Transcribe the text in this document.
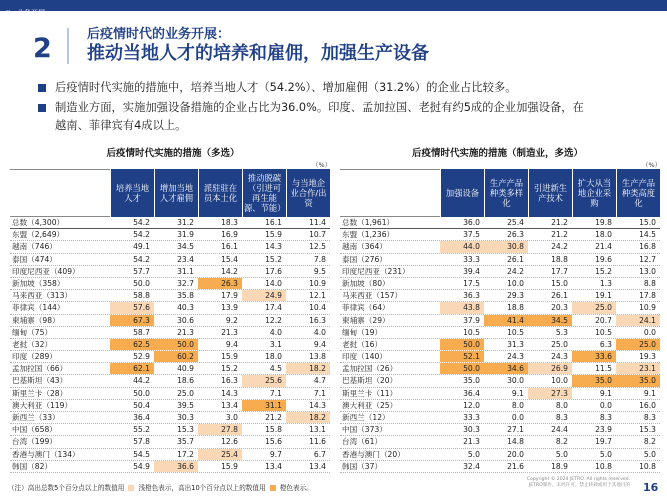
II．业务开展
2	后疫情时代的业务开展：
推动当地人才的培养和雇佣，加强生产设备
后疫情时代实施的措施中，培养当地人才（54.2%）、增加雇佣（31.2%）的企业占比较多。
制造业方面，实施加强设备措施的企业占比为36.0%。印度、孟加拉国、老挝有约5成的企业加强设备，在
越南、菲律宾有4成以上。
后疫情时代实施的措施（多选）
（%）
后疫情时代实施的措施（制造业，多选）
（%）
培养当地人才
增加当地人才雇佣
派驻驻在员本土化
推动脱碳（引进可再生能源、节能）
与当地企业合作/出资
总数（4,300）	54.2	31.2	18.3	16.1	11.4
东盟（2,649）	54.2	31.9	16.9	15.9	10.7
越南（746）	49.1	34.5	16.1	14.3	12.5
泰国（474）	54.2	23.4	15.4	15.2	7.8
印度尼西亚（409）	57.7	31.1	14.2	17.6	9.5
新加坡（358）	50.0	32.7	26.3	14.0	10.9
马来西亚（313）	58.8	35.8	17.9	24.9	12.1
菲律宾（144）	57.6	40.3	13.9	17.4	10.4
柬埔寨（98）	67.3	30.6	9.2	12.2	16.3
缅甸（75）	58.7	21.3	21.3	4.0	4.0
老挝（32）	62.5	50.0	9.4	3.1	9.4
印度（289）	52.9	60.2	15.9	18.0	13.8
孟加拉国（66）	62.1	40.9	15.2	4.5	18.2
巴基斯坦（43）	44.2	18.6	16.3	25.6	4.7
斯里兰卡（28）	50.0	25.0	14.3	7.1	7.1
澳大利亚（119）	50.4	39.5	13.4	31.1	14.3
新西兰（33）	36.4	30.3	3.0	21.2	18.2
中国（658）	55.2	15.3	27.8	15.8	13.1
台湾（199）	57.8	35.7	12.6	15.6	11.6
香港与澳门（134）	54.5	17.2	25.4	9.7	6.7
韩国（82）	54.9	36.6	15.9	13.4	13.4
加强设备
生产产品种类多样化
引进新生产技术
扩大从当地企业采购
生产产品种类高度化
总数（1,961）	36.0	25.4	21.2	19.8	15.0
东盟（1,236）	37.5	26.3	21.2	18.0	14.5
越南（364）	44.0	30.8	24.2	21.4	16.8
泰国（276）	33.3	26.1	18.8	19.6	12.7
印度尼西亚（231）	39.4	24.2	17.7	15.2	13.0
新加坡（80）	17.5	10.0	15.0	1.3	8.8
马来西亚（157）	36.3	29.3	26.1	19.1	17.8
菲律宾（64）	43.8	18.8	20.3	25.0	10.9
柬埔寨（29）	37.9	41.4	34.5	20.7	24.1
缅甸（19）	10.5	10.5	5.3	10.5	0.0
老挝（16）	50.0	31.3	25.0	6.3	25.0
印度（140）	52.1	24.3	24.3	33.6	19.3
孟加拉国（26）	50.0	34.6	26.9	11.5	23.1
巴基斯坦（20）	35.0	30.0	10.0	35.0	35.0
斯里兰卡（11）	36.4	9.1	27.3	9.1	9.1
澳大利亚（25）	12.0	8.0	8.0	0.0	16.0
新西兰（12）	33.3	0.0	8.3	8.3	8.3
中国（373）	30.3	27.1	24.4	23.9	15.3
台湾（61）	21.3	14.8	8.2	19.7	8.2
香港与澳门（20）	5.0	20.0	5.0	5.0	5.0
韩国（37）	32.4	21.6	18.9	10.8	10.8
（注）高出总数5个百分点以上的数值用 浅橙色表示，高出10个百分点以上的数值用 橙色表示。
Copyright © 2024 JETRO. All rights reserved.
JETRO制作。未经许可，禁止转载或用于其他目的 16
